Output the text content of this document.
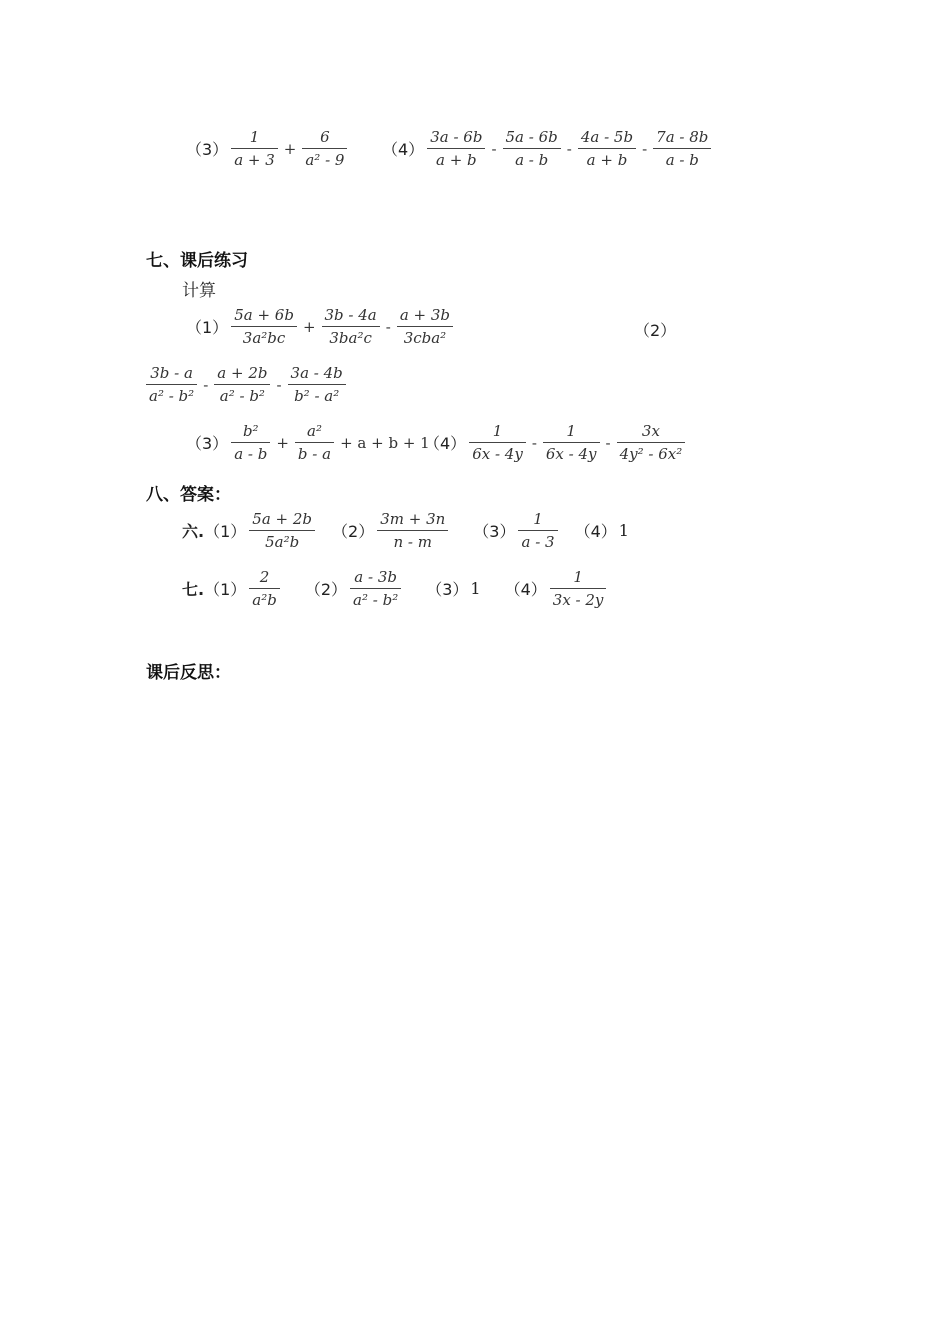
$(3) \frac{1}{a + 3} + \frac{6}{\text{a² - 9}} (4) \frac{3a - 6b}{a + b} - \frac{5a - 6b}{a - b} - \frac{4a - 5b}{a + b} - \frac{7a - 8b}{a - b}$
七、课后练习
计算
$(1) \frac{5a + 6b}{\text{3a²bc}} + \frac{3b - 4a}{\text{3ba²c}} - \frac{a + 3b}{\text{3cba²}}$	（2）
$\frac{3b - a}{\text{a² - b²}} - \frac{a + 2b}{\text{a² - b²}} - \frac{3a - 4b}{\text{b² - a²}}$
$(3) \frac{\text{b²}}{a - b} + \frac{\text{a²}}{b - a} + a + b + 1$
$(4) \frac{1}{6x - 4y} - \frac{1}{6x - 4y} - \frac{3x}{\text{4y² - 6x²}}$
八、答案：
六. $(1) \frac{5a + 2b}{\text{5a²b}} (2) \frac{3m + 3n}{n - m} (3) \frac{1}{a - 3} (4)$ 1
七. $(1) \frac{2}{\text{a²b}} (2) \frac{a - 3b}{\text{a² - b²}} (3)$ 1 $(4) \frac{1}{3x - 2y}$
课后反思：
